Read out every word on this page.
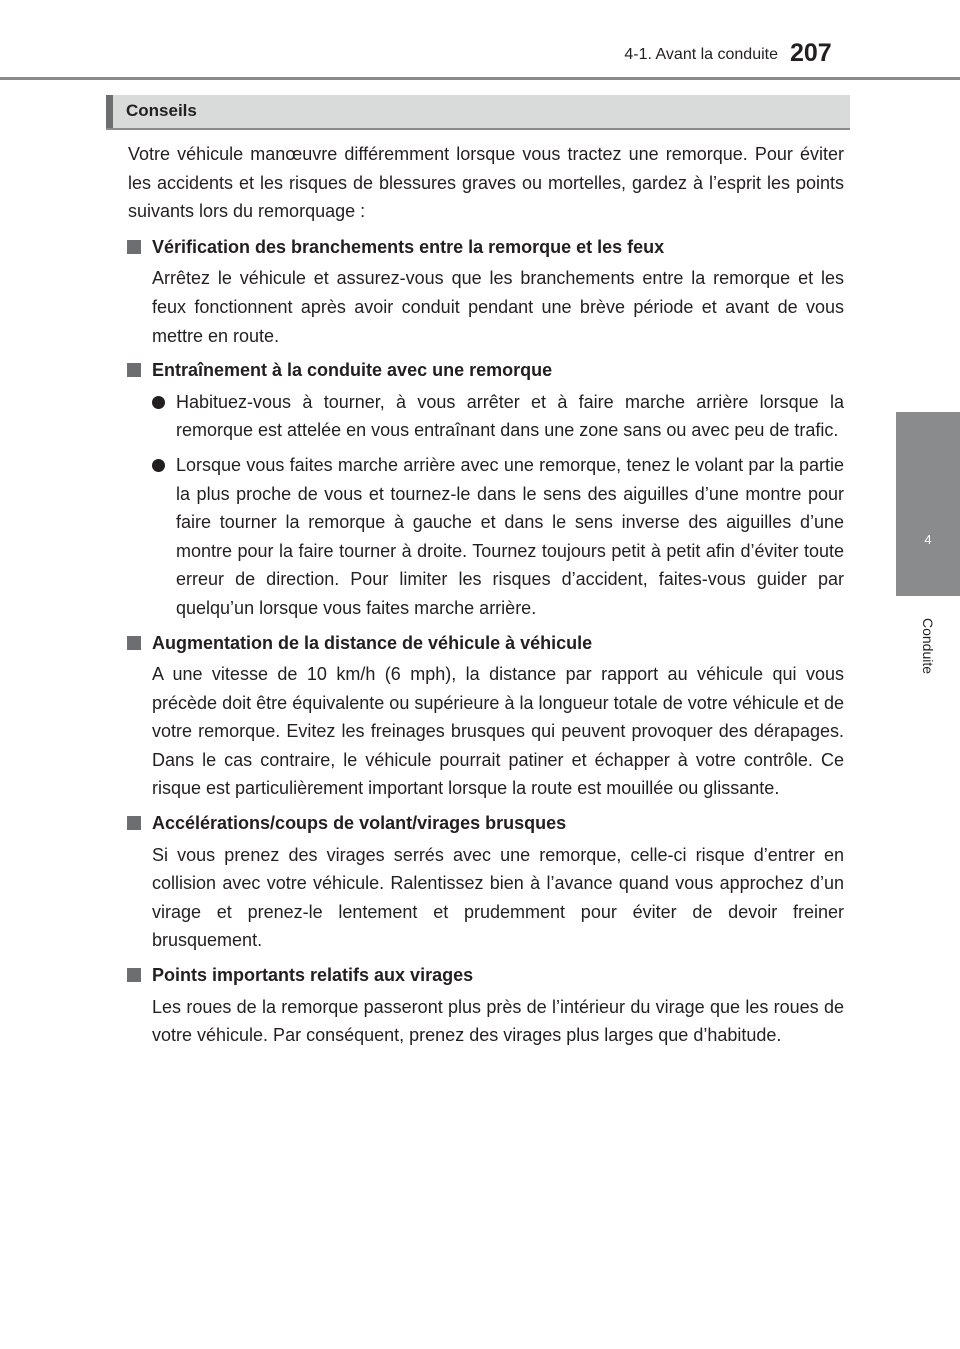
4-1. Avant la conduite 207
4
Conduite
Conseils

Votre véhicule manœuvre différemment lorsque vous tractez une remorque. Pour éviter les accidents et les risques de blessures graves ou mortelles, gardez à l’esprit les points suivants lors du remorquage :

Vérification des branchements entre la remorque et les feux

Arrêtez le véhicule et assurez-vous que les branchements entre la remorque et les feux fonctionnent après avoir conduit pendant une brève période et avant de vous mettre en route.

Entraînement à la conduite avec une remorque

Habituez-vous à tourner, à vous arrêter et à faire marche arrière lorsque la remorque est attelée en vous entraînant dans une zone sans ou avec peu de trafic.

Lorsque vous faites marche arrière avec une remorque, tenez le volant par la partie la plus proche de vous et tournez-le dans le sens des aiguilles d’une montre pour faire tourner la remorque à gauche et dans le sens inverse des aiguilles d’une montre pour la faire tourner à droite. Tournez toujours petit à petit afin d’éviter toute erreur de direction. Pour limiter les risques d’accident, faites-vous guider par quelqu’un lorsque vous faites marche arrière.

Augmentation de la distance de véhicule à véhicule

A une vitesse de 10 km/h (6 mph), la distance par rapport au véhicule qui vous précède doit être équivalente ou supérieure à la longueur totale de votre véhicule et de votre remorque. Evitez les freinages brusques qui peuvent provoquer des dérapages. Dans le cas contraire, le véhicule pourrait patiner et échapper à votre contrôle. Ce risque est particulièrement important lorsque la route est mouillée ou glissante.

Accélérations/coups de volant/virages brusques

Si vous prenez des virages serrés avec une remorque, celle-ci risque d’entrer en collision avec votre véhicule. Ralentissez bien à l’avance quand vous approchez d’un virage et prenez-le lentement et prudemment pour éviter de devoir freiner brusquement.

Points importants relatifs aux virages

Les roues de la remorque passeront plus près de l’intérieur du virage que les roues de votre véhicule. Par conséquent, prenez des virages plus larges que d’habitude.
